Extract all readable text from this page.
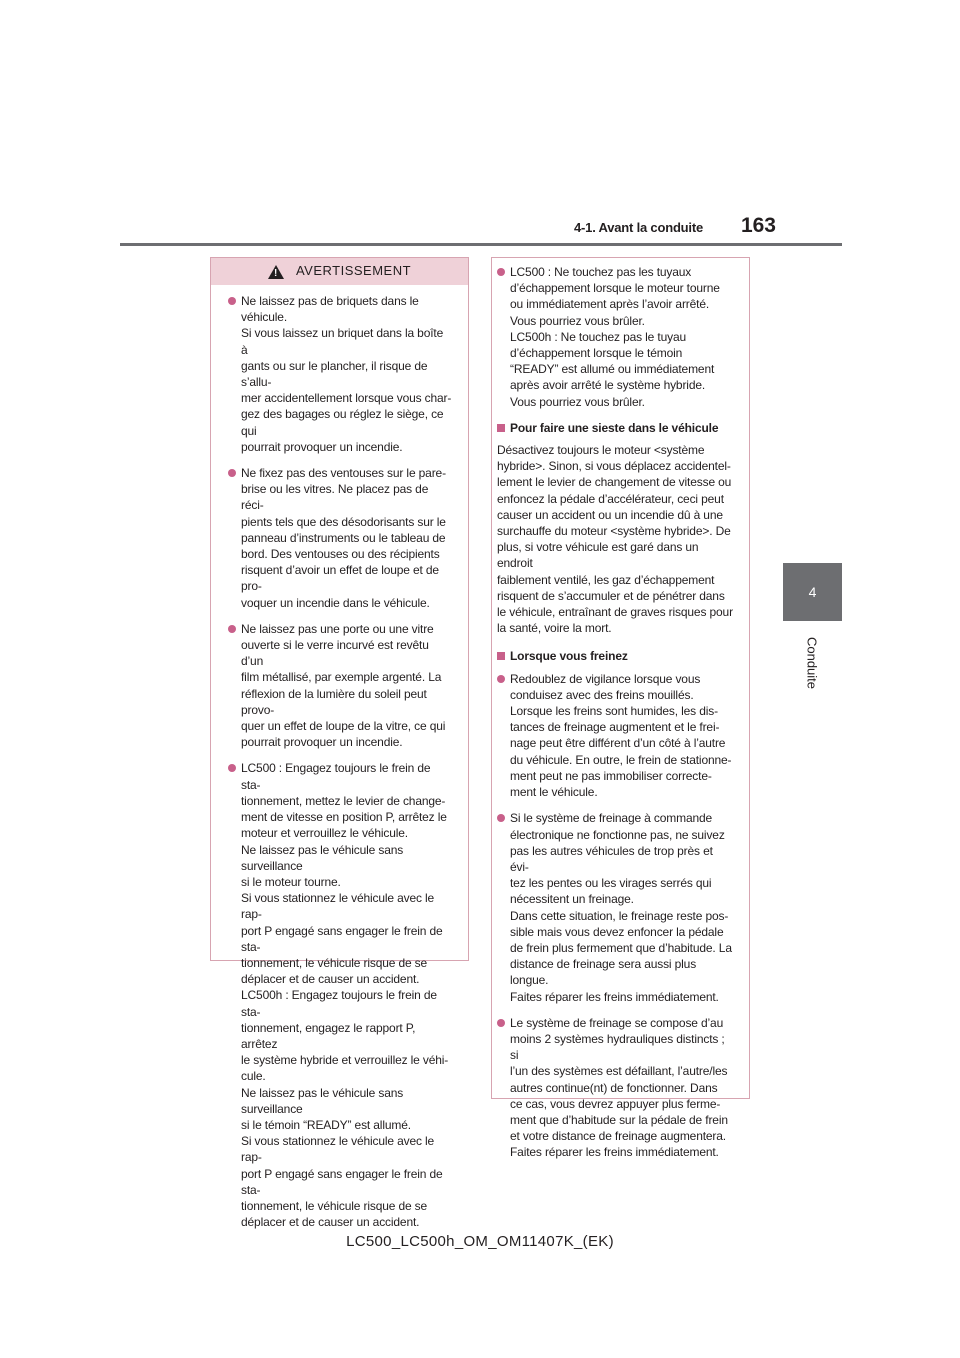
4-1. Avant la conduite	163
4
Conduite
!
AVERTISSEMENT
Ne laissez pas de briquets dans le véhicule.
Si vous laissez un briquet dans la boîte à
gants ou sur le plancher, il risque de s’allu-
mer accidentellement lorsque vous char-
gez des bagages ou réglez le siège, ce qui
pourrait provoquer un incendie.
Ne fixez pas des ventouses sur le pare-
brise ou les vitres. Ne placez pas de réci-
pients tels que des désodorisants sur le
panneau d’instruments ou le tableau de
bord. Des ventouses ou des récipients
risquent d’avoir un effet de loupe et de pro-
voquer un incendie dans le véhicule.
Ne laissez pas une porte ou une vitre
ouverte si le verre incurvé est revêtu d’un
film métallisé, par exemple argenté. La
réflexion de la lumière du soleil peut provo-
quer un effet de loupe de la vitre, ce qui
pourrait provoquer un incendie.
LC500 : Engagez toujours le frein de sta-
tionnement, mettez le levier de change-
ment de vitesse en position P, arrêtez le
moteur et verrouillez le véhicule.
Ne laissez pas le véhicule sans surveillance
si le moteur tourne.
Si vous stationnez le véhicule avec le rap-
port P engagé sans engager le frein de sta-
tionnement, le véhicule risque de se
déplacer et de causer un accident.
LC500h : Engagez toujours le frein de sta-
tionnement, engagez le rapport P, arrêtez
le système hybride et verrouillez le véhi-
cule.
Ne laissez pas le véhicule sans surveillance
si le témoin “READY” est allumé.
Si vous stationnez le véhicule avec le rap-
port P engagé sans engager le frein de sta-
tionnement, le véhicule risque de se
déplacer et de causer un accident.
LC500 : Ne touchez pas les tuyaux
d’échappement lorsque le moteur tourne
ou immédiatement après l’avoir arrêté.
Vous pourriez vous brûler.
LC500h : Ne touchez pas le tuyau
d’échappement lorsque le témoin
“READY” est allumé ou immédiatement
après avoir arrêté le système hybride.
Vous pourriez vous brûler.
Pour faire une sieste dans le véhicule
Désactivez toujours le moteur <système
hybride>. Sinon, si vous déplacez accidentel-
lement le levier de changement de vitesse ou
enfoncez la pédale d’accélérateur, ceci peut
causer un accident ou un incendie dû à une
surchauffe du moteur <système hybride>. De
plus, si votre véhicule est garé dans un endroit
faiblement ventilé, les gaz d’échappement
risquent de s’accumuler et de pénétrer dans
le véhicule, entraînant de graves risques pour
la santé, voire la mort.
Lorsque vous freinez
Redoublez de vigilance lorsque vous
conduisez avec des freins mouillés.
Lorsque les freins sont humides, les dis-
tances de freinage augmentent et le frei-
nage peut être différent d’un côté à l’autre
du véhicule. En outre, le frein de stationne-
ment peut ne pas immobiliser correcte-
ment le véhicule.
Si le système de freinage à commande
électronique ne fonctionne pas, ne suivez
pas les autres véhicules de trop près et évi-
tez les pentes ou les virages serrés qui
nécessitent un freinage.
Dans cette situation, le freinage reste pos-
sible mais vous devez enfoncer la pédale
de frein plus fermement que d’habitude. La
distance de freinage sera aussi plus longue.
Faites réparer les freins immédiatement.
Le système de freinage se compose d’au
moins 2 systèmes hydrauliques distincts ; si
l’un des systèmes est défaillant, l’autre/les
autres continue(nt) de fonctionner. Dans
ce cas, vous devrez appuyer plus ferme-
ment que d’habitude sur la pédale de frein
et votre distance de freinage augmentera.
Faites réparer les freins immédiatement.
LC500_LC500h_OM_OM11407K_(EK)
